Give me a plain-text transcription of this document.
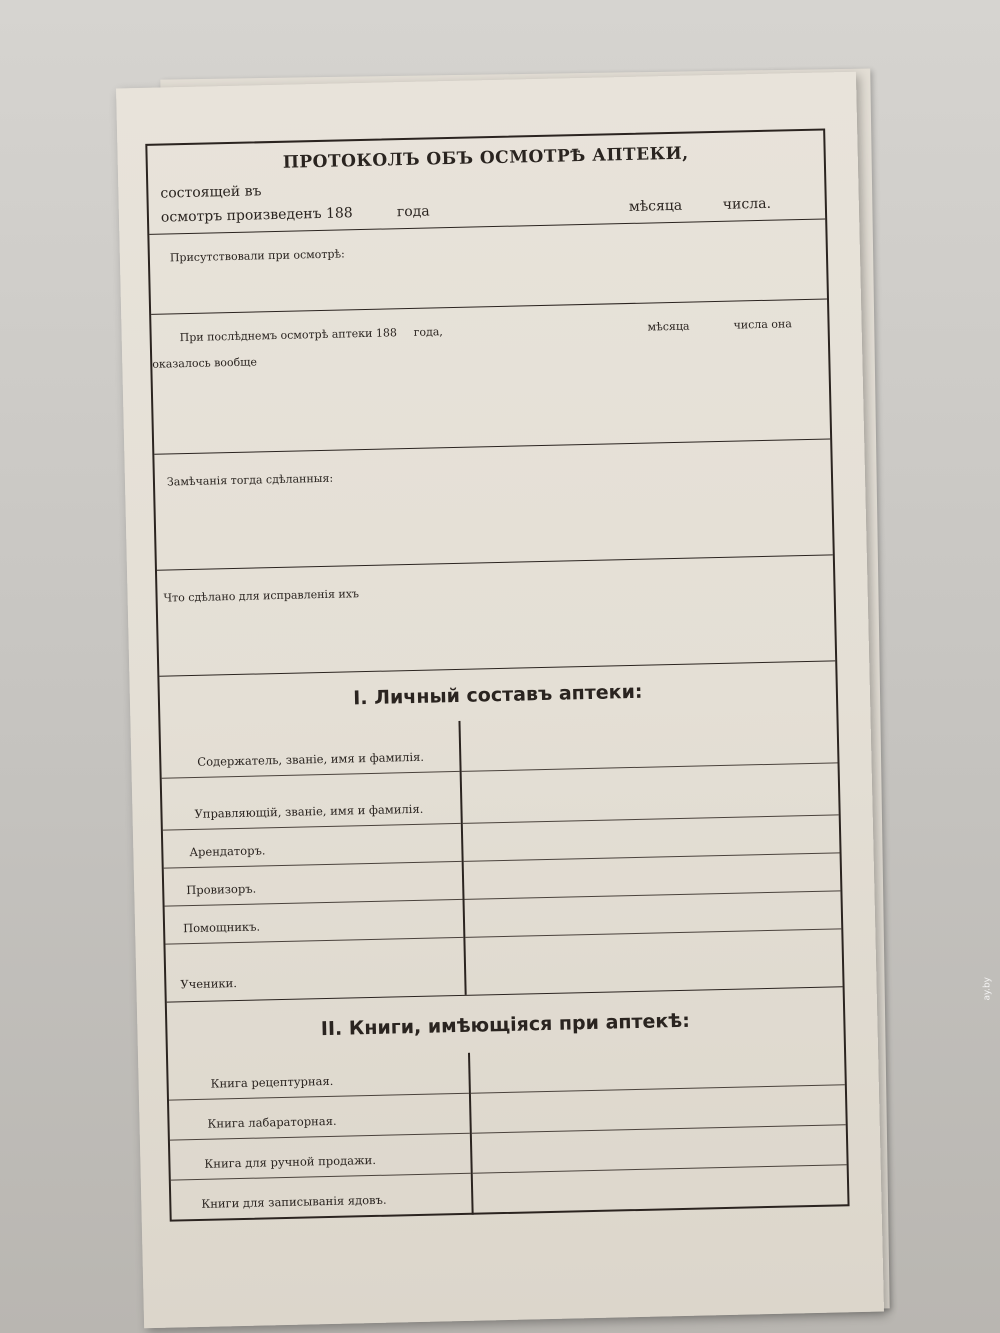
ПРОТОКОЛЪ ОБЪ ОСМОТРѢ АПТЕКИ,
состоящей въ
осмотръ произведенъ 188	года	мѣсяца	числа.
Присутствовали при осмотрѣ:
При послѣднемъ осмотрѣ аптеки 188 года,	мѣсяца	числа она
оказалось вообще
Замѣчанія тогда сдѣланныя:
Что сдѣлано для исправленія ихъ
I. Личный составъ аптеки:
Содержатель, званіе, имя и фамилія.
Управляющій, званіе, имя и фамилія.
Арендаторъ.
Провизоръ.
Помощникъ.
Ученики.
II. Книги, имѣющіяся при аптекѣ:
Книга рецептурная.
Книга лабараторная.
Книга для ручной продажи.
Книги для записыванія ядовъ.
ay.by
